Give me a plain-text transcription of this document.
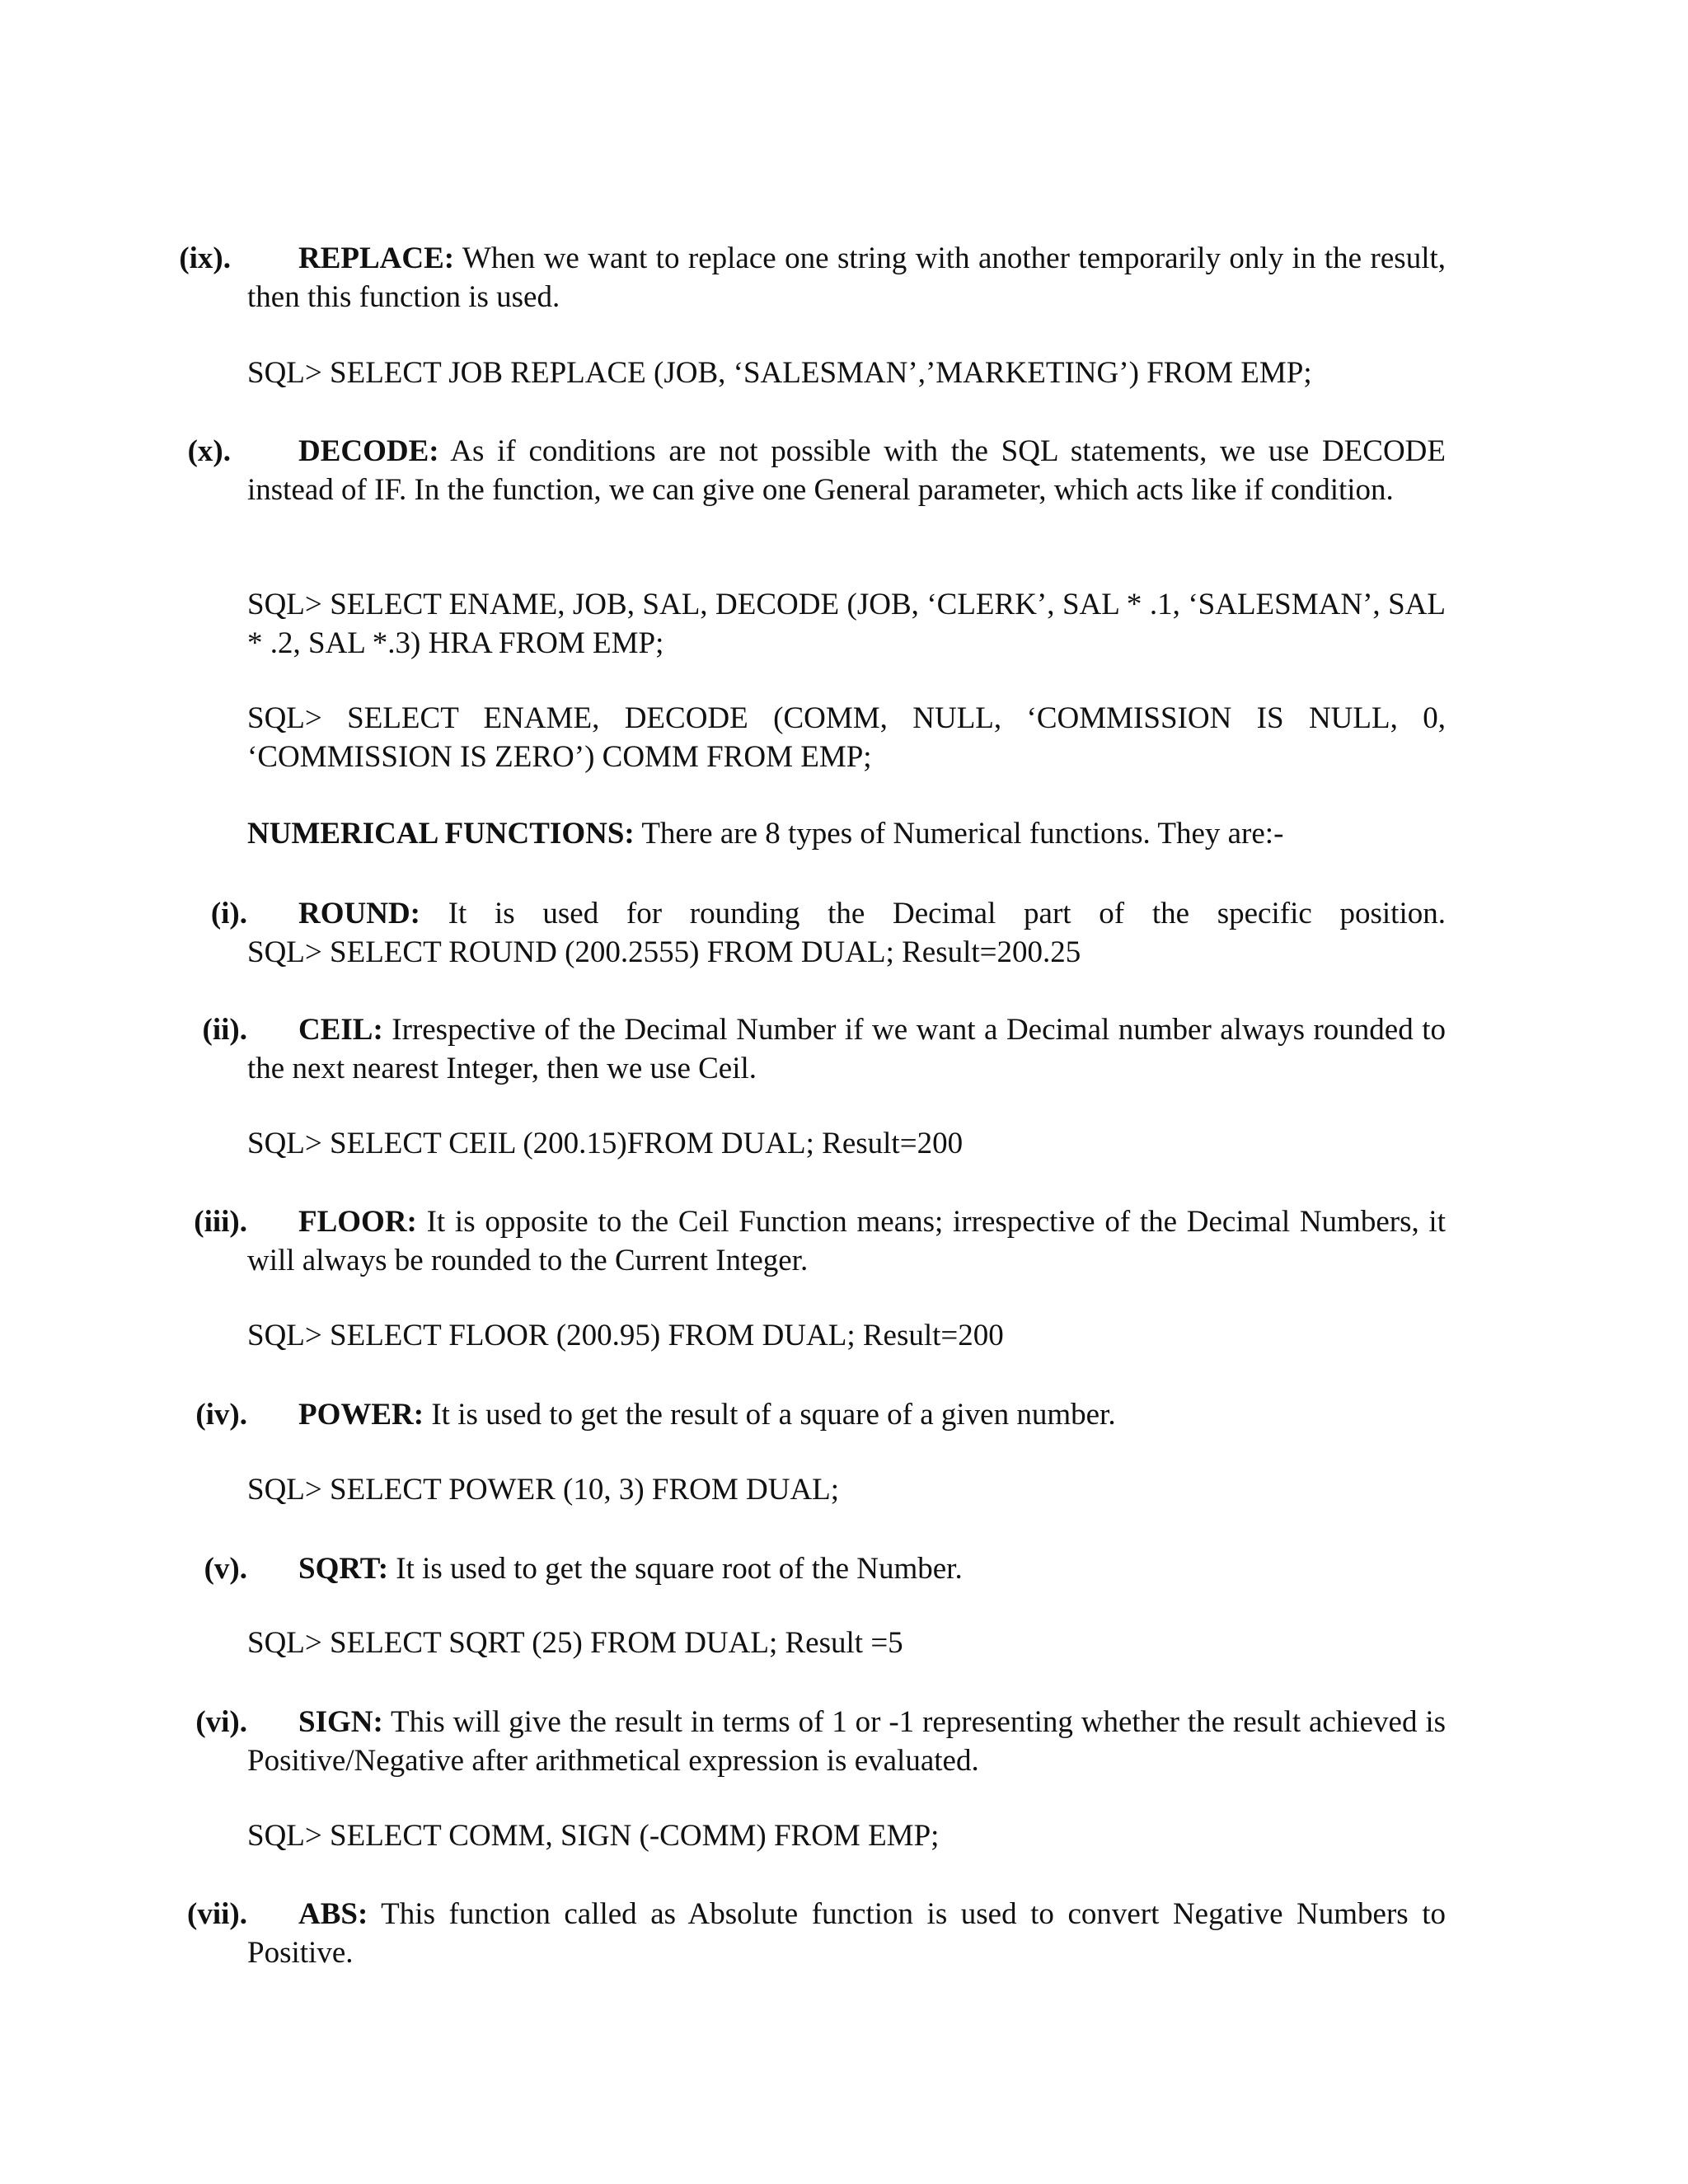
(ix).	REPLACE: When we want to replace one string with another temporarily only in the result, then this function is used.
SQL> SELECT JOB REPLACE (JOB, ‘SALESMAN’,’MARKETING’) FROM EMP;
(x).	DECODE: As if conditions are not possible with the SQL statements, we use DECODE instead of IF. In the function, we can give one General parameter, which acts like if condition.
SQL> SELECT ENAME, JOB, SAL, DECODE (JOB, ‘CLERK’, SAL * .1, ‘SALESMAN’, SAL * .2, SAL *.3) HRA FROM EMP;
SQL> SELECT ENAME, DECODE (COMM, NULL, ‘COMMISSION IS NULL, 0, ‘COMMISSION IS ZERO’) COMM FROM EMP;
NUMERICAL FUNCTIONS: There are 8 types of Numerical functions. They are:-
(i).	ROUND: It is used for rounding the Decimal part of the specific position.
SQL> SELECT ROUND (200.2555) FROM DUAL; Result=200.25
(ii).	CEIL: Irrespective of the Decimal Number if we want a Decimal number always rounded to the next nearest Integer, then we use Ceil.
SQL> SELECT CEIL (200.15)FROM DUAL; Result=200
(iii).	FLOOR: It is opposite to the Ceil Function means; irrespective of the Decimal Numbers, it will always be rounded to the Current Integer.
SQL> SELECT FLOOR (200.95) FROM DUAL; Result=200
(iv).	POWER: It is used to get the result of a square of a given number.
SQL> SELECT POWER (10, 3) FROM DUAL;
(v).	SQRT: It is used to get the square root of the Number.
SQL> SELECT SQRT (25) FROM DUAL; Result =5
(vi).	SIGN: This will give the result in terms of 1 or -1 representing whether the result achieved is Positive/Negative after arithmetical expression is evaluated.
SQL> SELECT COMM, SIGN (-COMM) FROM EMP;
(vii).	ABS: This function called as Absolute function is used to convert Negative Numbers to Positive.
